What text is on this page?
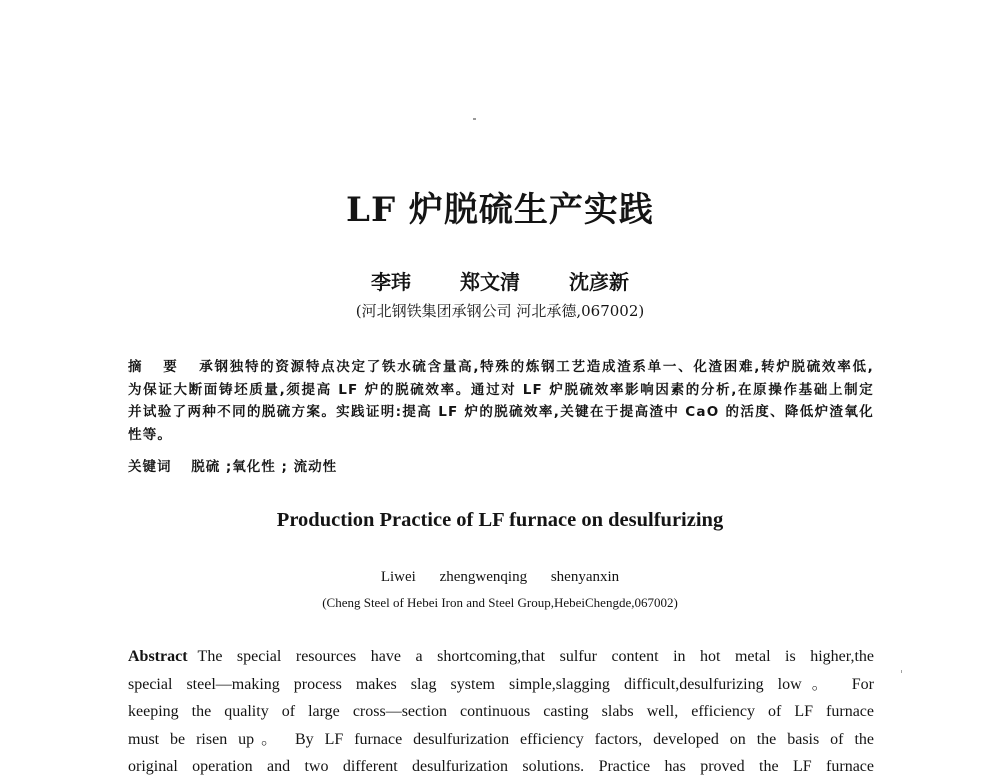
LF 炉脱硫生产实践
李玮 郑文清 沈彦新
(河北钢铁集团承钢公司 河北承德,067002)
摘 要 承钢独特的资源特点决定了铁水硫含量高,特殊的炼钢工艺造成渣系单一、化渣困难,转炉脱硫效率低,
为保证大断面铸坯质量,须提高 LF 炉的脱硫效率。通过对 LF 炉脱硫效率影响因素的分析,在原操作基础上制定
并试验了两种不同的脱硫方案。实践证明:提高 LF 炉的脱硫效率,关键在于提高渣中 CaO 的活度、降低炉渣氧化
性等。
关键词 脱硫 ;氧化性 ; 流动性
Production Practice of LF furnace on desulfurizing
Liwei zhengwenqing shenyanxin
(Cheng Steel of Hebei Iron and Steel Group,HebeiChengde,067002)
Abstract The special resources have a shortcoming,that sulfur content in hot metal is higher,the
special steel—making process makes slag system simple,slagging difficult,desulfurizing low。 For
keeping the quality of large cross—section continuous casting slabs well, efficiency of LF furnace
must be risen up。 By LF furnace desulfurization efficiency factors, developed on the basis of the
original operation and two different desulfurization solutions. Practice has proved the LF furnace
